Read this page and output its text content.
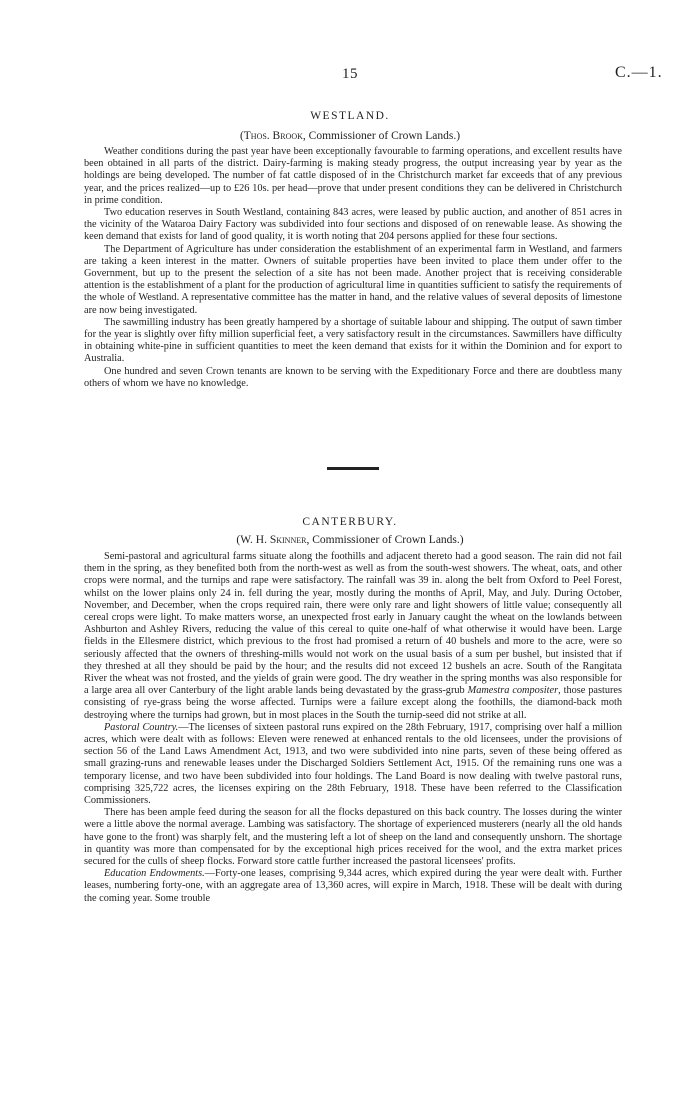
15	C.—1.
WESTLAND.
(Thos. Brook, Commissioner of Crown Lands.)

Weather conditions during the past year have been exceptionally favourable to farming operations, and excellent results have been obtained in all parts of the district. Dairy-farming is making steady progress, the output increasing year by year as the holdings are being developed. The number of fat cattle disposed of in the Christchurch market far exceeds that of any previous year, and the prices realized—up to £26 10s. per head—prove that under present conditions they can be delivered in Christchurch in prime condition.

Two education reserves in South Westland, containing 843 acres, were leased by public auction, and another of 851 acres in the vicinity of the Wataroa Dairy Factory was subdivided into four sections and disposed of on renewable lease. As showing the keen demand that exists for land of good quality, it is worth noting that 204 persons applied for these four sections.

The Department of Agriculture has under consideration the establishment of an experimental farm in Westland, and farmers are taking a keen interest in the matter. Owners of suitable properties have been invited to place them under offer to the Government, but up to the present the selection of a site has not been made. Another project that is receiving considerable attention is the establishment of a plant for the production of agricultural lime in quantities sufficient to satisfy the requirements of the whole of Westland. A representative committee has the matter in hand, and the relative values of several deposits of limestone are now being investigated.

The sawmilling industry has been greatly hampered by a shortage of suitable labour and shipping. The output of sawn timber for the year is slightly over fifty million superficial feet, a very satisfactory result in the circumstances. Sawmillers have difficulty in obtaining white-pine in sufficient quantities to meet the keen demand that exists for it within the Dominion and for export to Australia.

One hundred and seven Crown tenants are known to be serving with the Expeditionary Force and there are doubtless many others of whom we have no knowledge.

CANTERBURY.
(W. H. Skinner, Commissioner of Crown Lands.)

Semi-pastoral and agricultural farms situate along the foothills and adjacent thereto had a good season. The rain did not fail them in the spring, as they benefited both from the north-west as well as from the south-west showers. The wheat, oats, and other crops were normal, and the turnips and rape were satisfactory. The rainfall was 39 in. along the belt from Oxford to Peel Forest, whilst on the lower plains only 24 in. fell during the year, mostly during the months of April, May, and July. During October, November, and December, when the crops required rain, there were only rare and light showers of little value; consequently all cereal crops were light. To make matters worse, an unexpected frost early in January caught the wheat on the lowlands between Ashburton and Ashley Rivers, reducing the value of this cereal to quite one-half of what otherwise it would have been. Large fields in the Ellesmere district, which previous to the frost had promised a return of 40 bushels and more to the acre, were so seriously affected that the owners of threshing-mills would not work on the usual basis of a sum per bushel, but insisted that if they threshed at all they should be paid by the hour; and the results did not exceed 12 bushels an acre. South of the Rangitata River the wheat was not frosted, and the yields of grain were good. The dry weather in the spring months was also responsible for a large area all over Canterbury of the light arable lands being devastated by the grass-grub Mamestra compositer, those pastures consisting of rye-grass being the worse affected. Turnips were a failure except along the foothills, the diamond-back moth destroying where the turnips had grown, but in most places in the South the turnip-seed did not strike at all.

Pastoral Country.—The licenses of sixteen pastoral runs expired on the 28th February, 1917, comprising over half a million acres, which were dealt with as follows: Eleven were renewed at enhanced rentals to the old licensees, under the provisions of section 56 of the Land Laws Amendment Act, 1913, and two were subdivided into nine parts, seven of these being offered as small grazing-runs and renewable leases under the Discharged Soldiers Settlement Act, 1915. Of the remaining runs one was a temporary license, and two have been subdivided into four holdings. The Land Board is now dealing with twelve pastoral runs, comprising 325,722 acres, the licenses expiring on the 28th February, 1918. These have been referred to the Classification Commissioners.

There has been ample feed during the season for all the flocks depastured on this back country. The losses during the winter were a little above the normal average. Lambing was satisfactory. The shortage of experienced musterers (nearly all the old hands have gone to the front) was sharply felt, and the mustering left a lot of sheep on the land and consequently unshorn. The shortage in quantity was more than compensated for by the exceptional high prices received for the wool, and the extra market prices secured for the culls of sheep flocks. Forward store cattle further increased the pastoral licensees' profits.

Education Endowments.—Forty-one leases, comprising 9,344 acres, which expired during the year were dealt with. Further leases, numbering forty-one, with an aggregate area of 13,360 acres, will expire in March, 1918. These will be dealt with during the coming year. Some trouble
